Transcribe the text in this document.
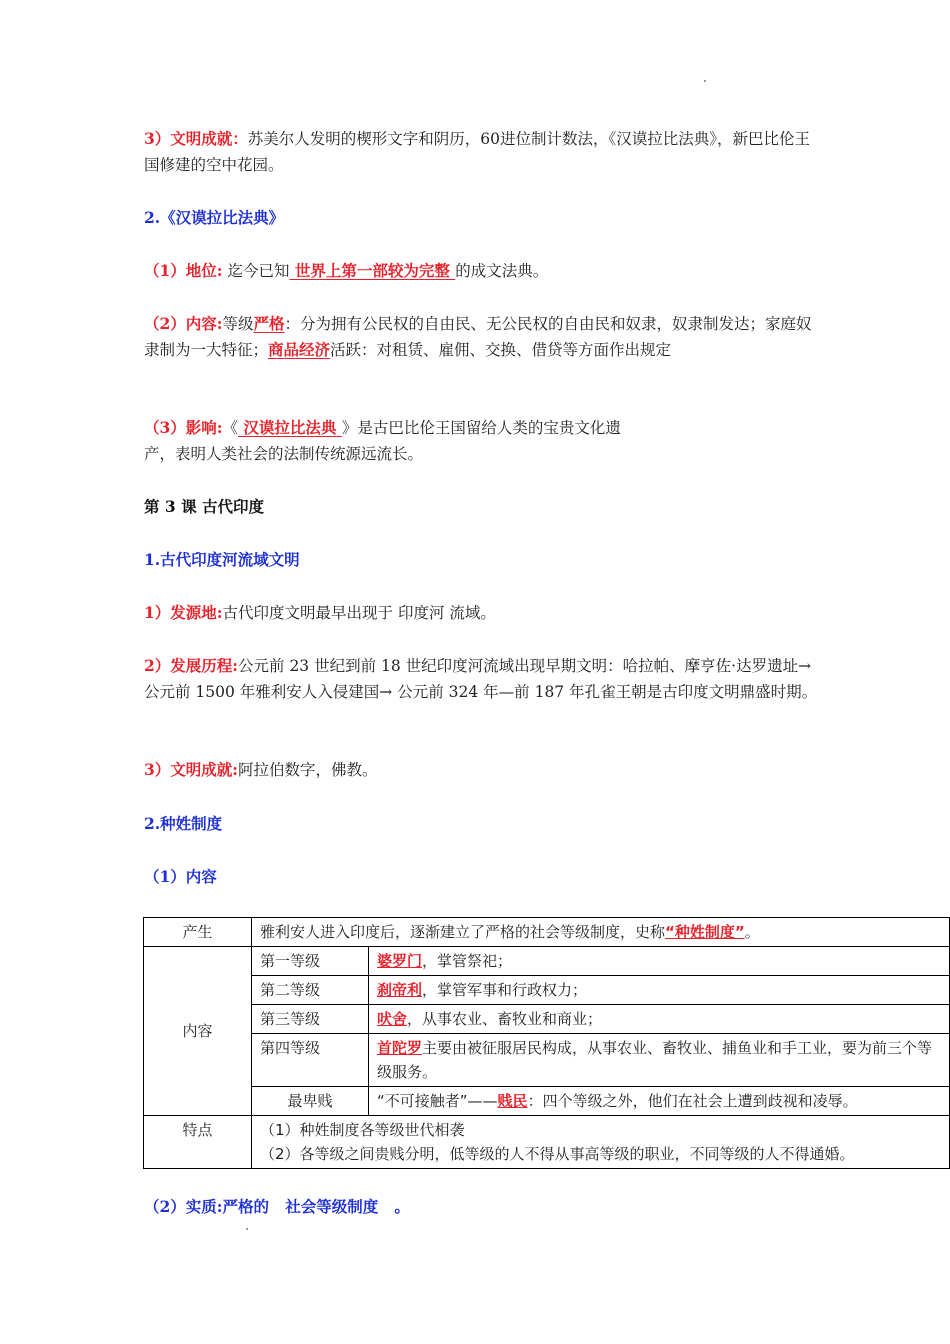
3）文明成就：苏美尔人发明的楔形文字和阴历，60进位制计数法，《汉谟拉比法典》，新巴比伦王国修建的空中花园。
2.《汉谟拉比法典》
（1）地位: 迄今已知 世界上第一部较为完整 的成文法典。
（2）内容:等级严格：分为拥有公民权的自由民、无公民权的自由民和奴隶，奴隶制发达；家庭奴隶制为一大特征；商品经济活跃：对租赁、雇佣、交换、借贷等方面作出规定
（3）影响:《 汉谟拉比法典 》是古巴比伦王国留给人类的宝贵文化遗
产，表明人类社会的法制传统源远流长。
第 3 课 古代印度
1.古代印度河流域文明
1）发源地:古代印度文明最早出现于 印度河 流域。
2）发展历程:公元前 23 世纪到前 18 世纪印度河流域出现早期文明：哈拉帕、摩亨佐·达罗遗址→公元前 1500 年雅利安人入侵建国→ 公元前 324 年—前 187 年孔雀王朝是古印度文明鼎盛时期。
3）文明成就:阿拉伯数字，佛教。
2.种姓制度
（1）内容
产生	雅利安人进入印度后，逐渐建立了严格的社会等级制度，史称“种姓制度”。	
内容	第一等级	婆罗门，掌管祭祀；
	第二等级	刹帝利，掌管军事和行政权力；
	第三等级	吠舍，从事农业、畜牧业和商业；
	第四等级	首陀罗主要由被征服居民构成，从事农业、畜牧业、捕鱼业和手工业，要为前三个等级服务。
	最卑贱	“不可接触者”——贱民：四个等级之外，他们在社会上遭到歧视和凌辱。
特点	（1）种姓制度各等级世代相袭
（2）各等级之间贵贱分明，低等级的人不得从事高等级的职业，不同等级的人不得通婚。	
（2）实质:严格的   社会等级制度   。
